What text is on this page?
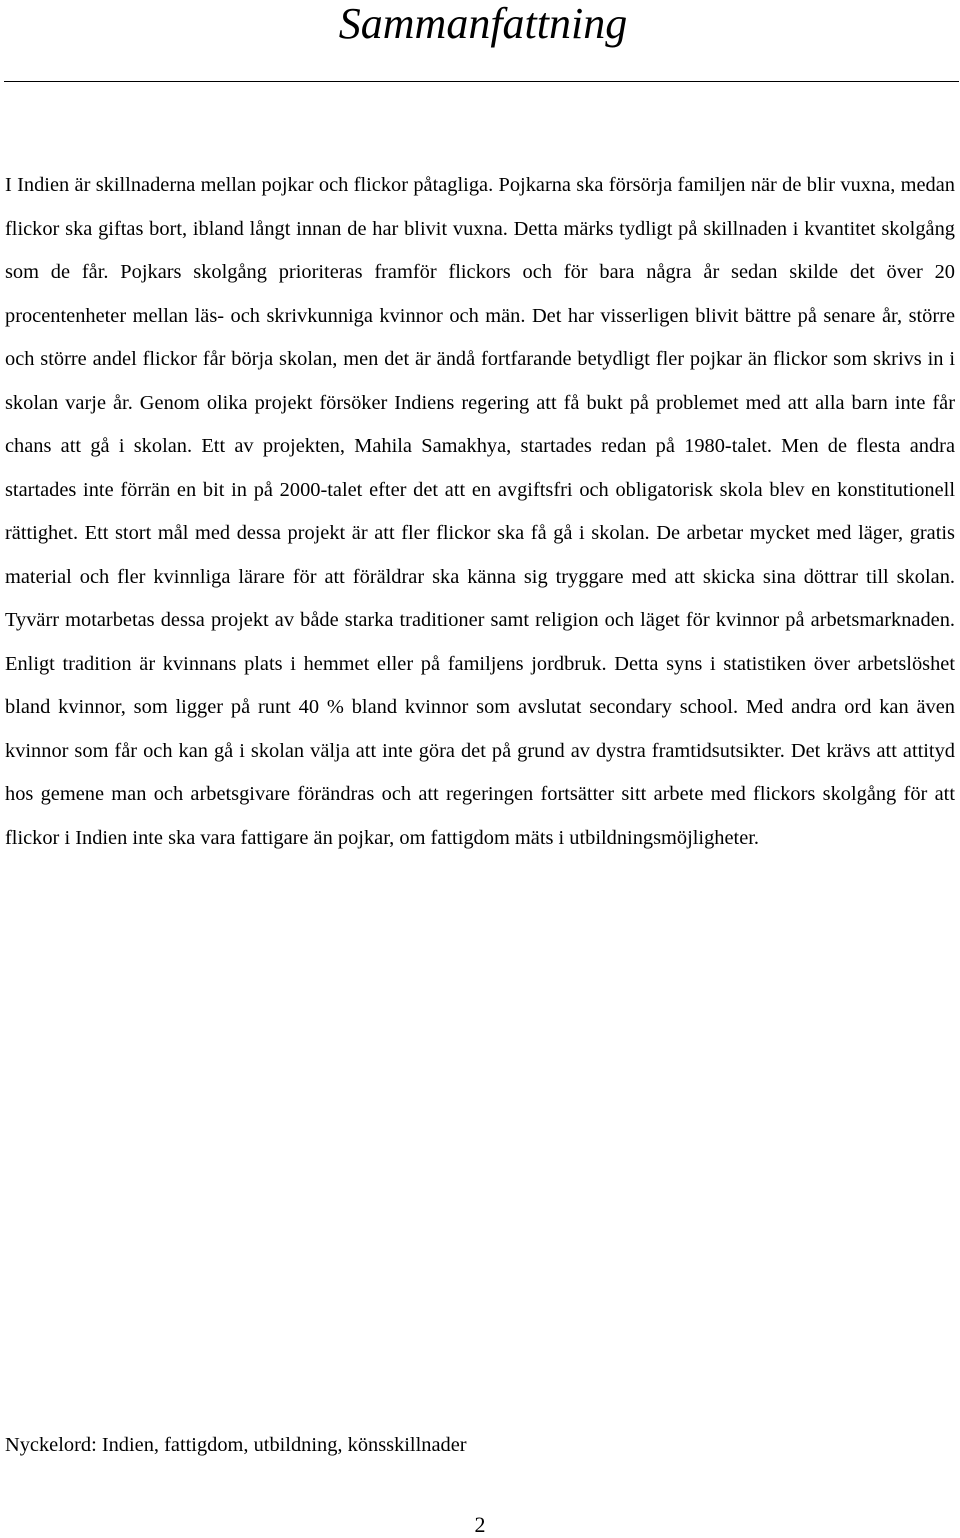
Sammanfattning

I Indien är skillnaderna mellan pojkar och flickor påtagliga. Pojkarna ska försörja familjen när de blir vuxna, medan flickor ska giftas bort, ibland långt innan de har blivit vuxna. Detta märks tydligt på skillnaden i kvantitet skolgång som de får. Pojkars skolgång prioriteras framför flickors och för bara några år sedan skilde det över 20 procentenheter mellan läs- och skrivkunniga kvinnor och män. Det har visserligen blivit bättre på senare år, större och större andel flickor får börja skolan, men det är ändå fortfarande betydligt fler pojkar än flickor som skrivs in i skolan varje år. Genom olika projekt försöker Indiens regering att få bukt på problemet med att alla barn inte får chans att gå i skolan. Ett av projekten, Mahila Samakhya, startades redan på 1980-talet. Men de flesta andra startades inte förrän en bit in på 2000-talet efter det att en avgiftsfri och obligatorisk skola blev en konstitutionell rättighet. Ett stort mål med dessa projekt är att fler flickor ska få gå i skolan. De arbetar mycket med läger, gratis material och fler kvinnliga lärare för att föräldrar ska känna sig tryggare med att skicka sina döttrar till skolan. Tyvärr motarbetas dessa projekt av både starka traditioner samt religion och läget för kvinnor på arbetsmarknaden. Enligt tradition är kvinnans plats i hemmet eller på familjens jordbruk. Detta syns i statistiken över arbetslöshet bland kvinnor, som ligger på runt 40 % bland kvinnor som avslutat secondary school. Med andra ord kan även kvinnor som får och kan gå i skolan välja att inte göra det på grund av dystra framtidsutsikter. Det krävs att attityd hos gemene man och arbetsgivare förändras och att regeringen fortsätter sitt arbete med flickors skolgång för att flickor i Indien inte ska vara fattigare än pojkar, om fattigdom mäts i utbildningsmöjligheter.

Nyckelord: Indien, fattigdom, utbildning, könsskillnader

2
